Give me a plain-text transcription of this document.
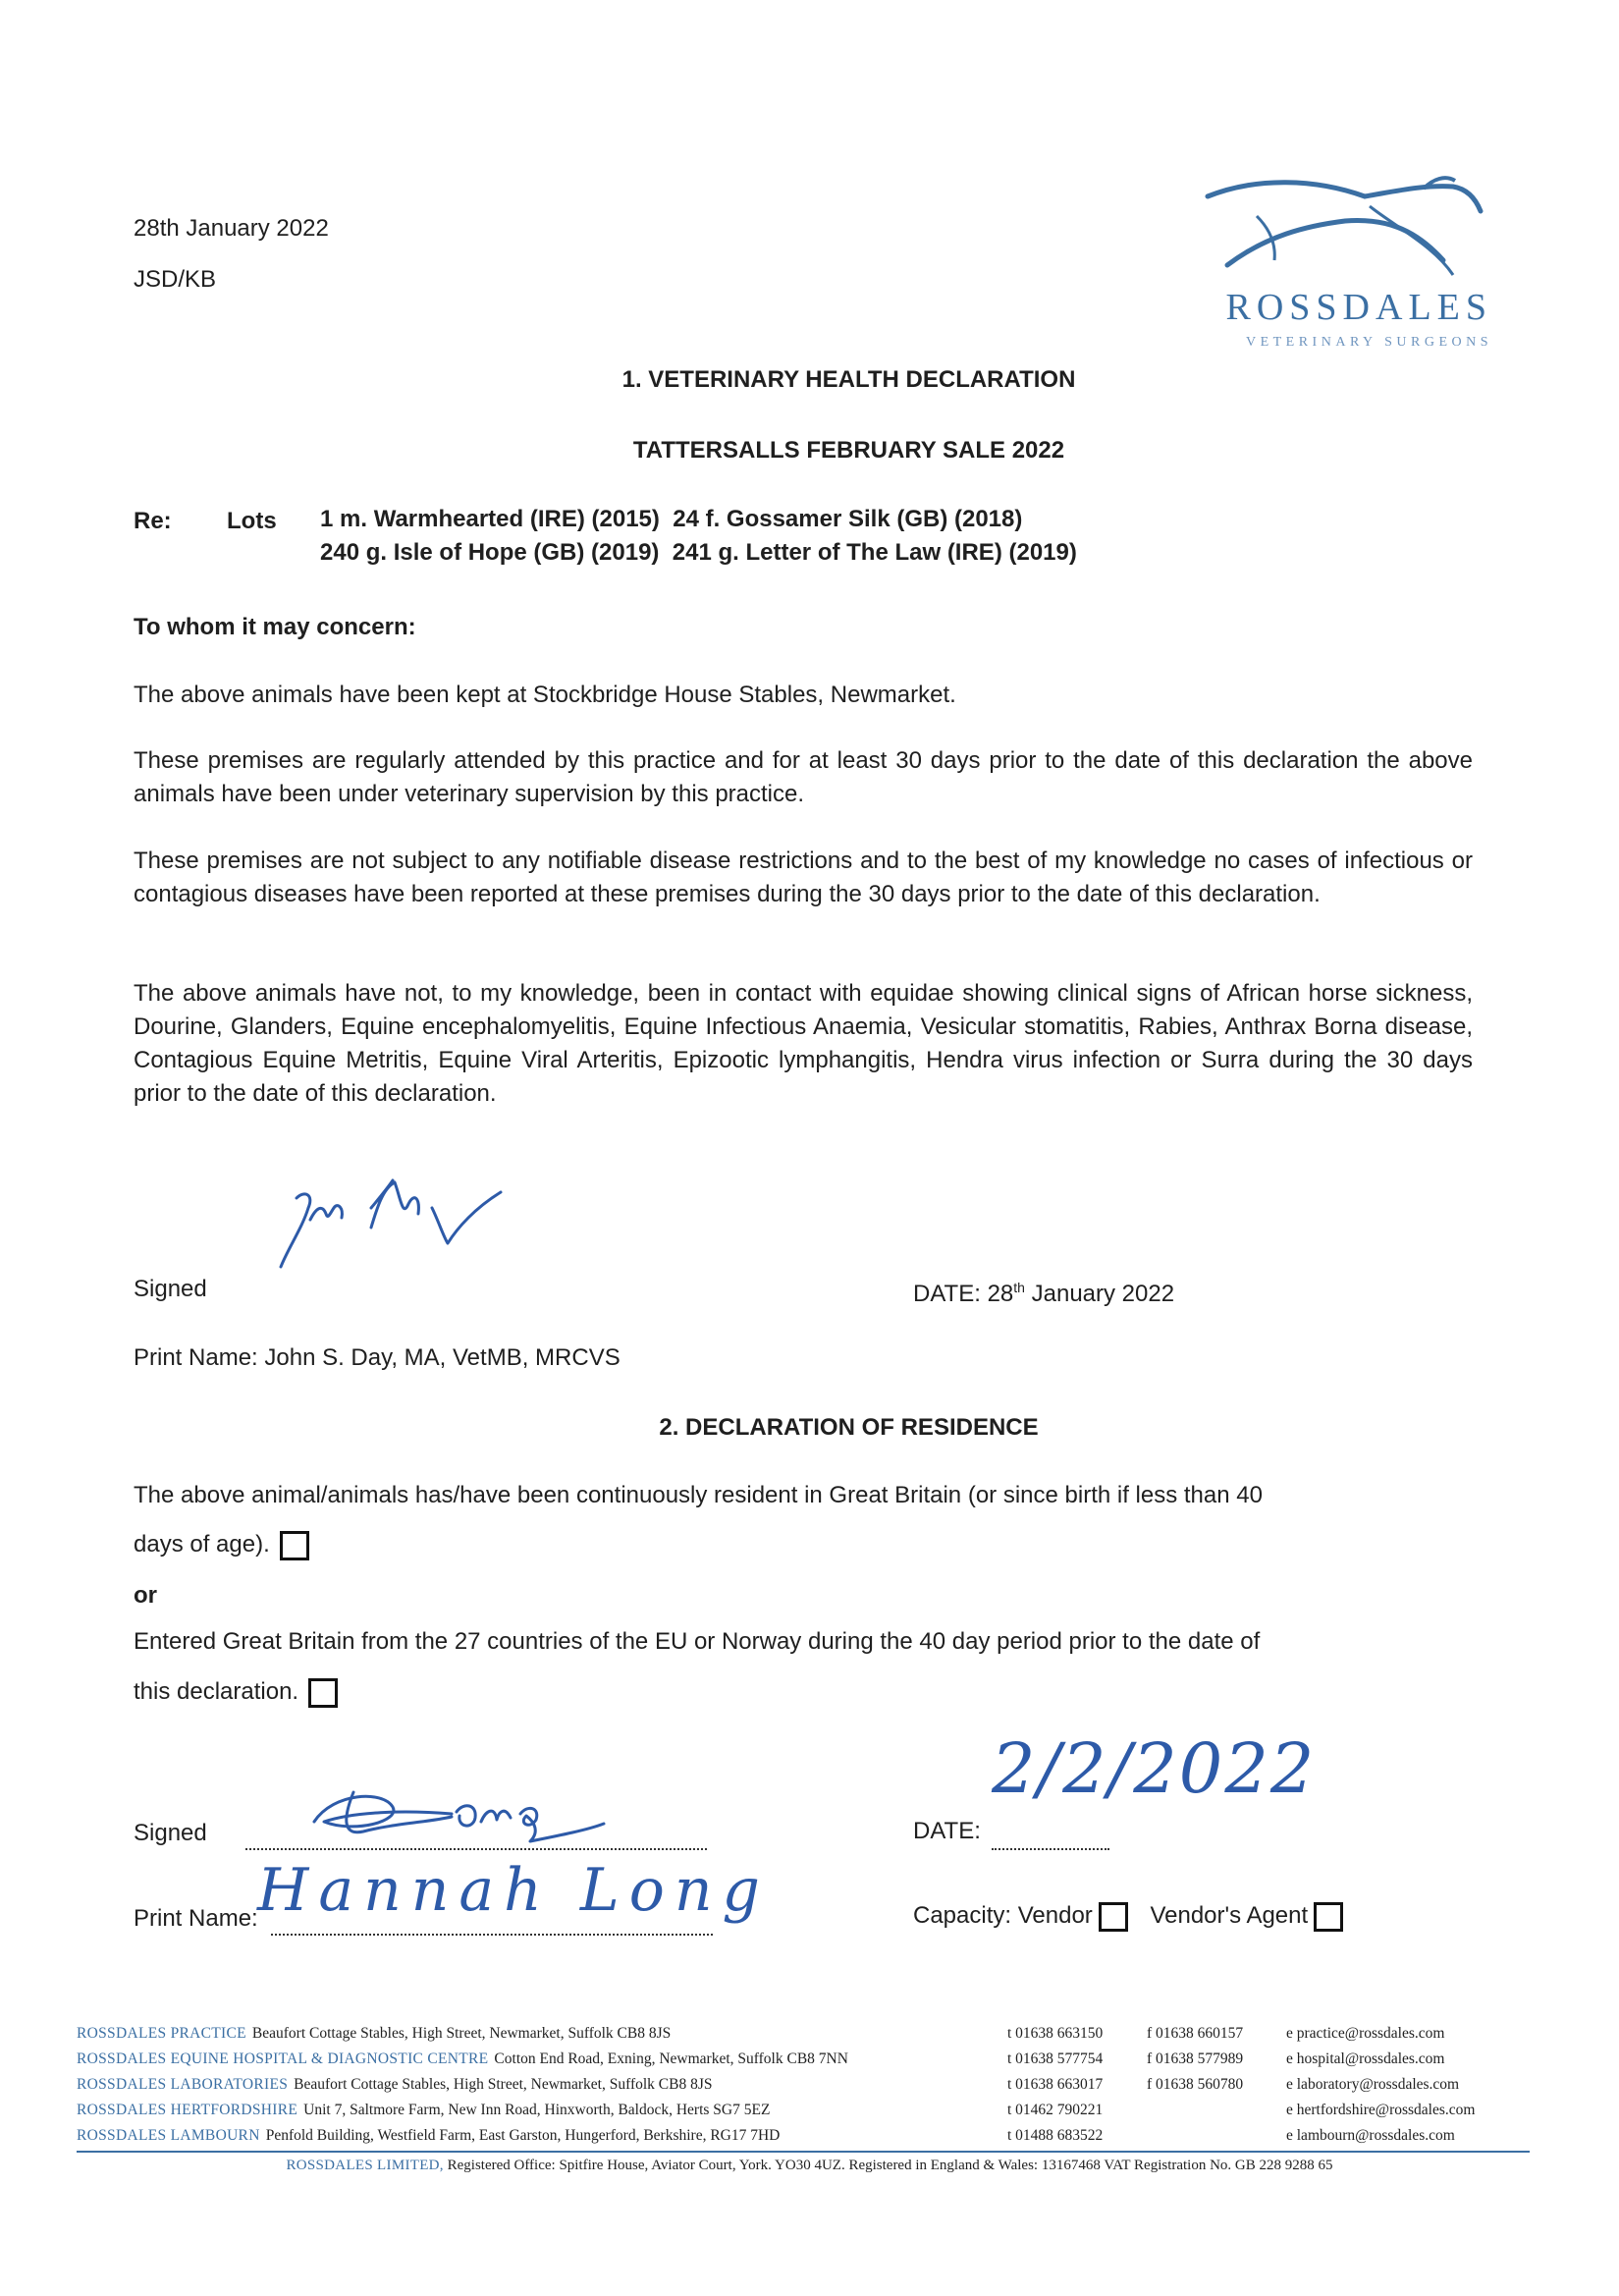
28th January 2022
JSD/KB
ROSSDALES
VETERINARY SURGEONS
1. VETERINARY HEALTH DECLARATION
TATTERSALLS FEBRUARY SALE 2022
Re: Lots 1 m. Warmhearted (IRE) (2015)  24 f. Gossamer Silk (GB) (2018)
240 g. Isle of Hope (GB) (2019)  241 g. Letter of The Law (IRE) (2019)
To whom it may concern:
The above animals have been kept at Stockbridge House Stables, Newmarket.
These premises are regularly attended by this practice and for at least 30 days prior to the date of this declaration the above animals have been under veterinary supervision by this practice.
These premises are not subject to any notifiable disease restrictions and to the best of my knowledge no cases of infectious or contagious diseases have been reported at these premises during the 30 days prior to the date of this declaration.
The above animals have not, to my knowledge, been in contact with equidae showing clinical signs of African horse sickness, Dourine, Glanders, Equine encephalomyelitis, Equine Infectious Anaemia, Vesicular stomatitis, Rabies, Anthrax Borna disease, Contagious Equine Metritis, Equine Viral Arteritis, Epizootic lymphangitis, Hendra virus infection or Surra during the 30 days prior to the date of this declaration.
Signed	DATE: 28th January 2022
Print Name: John S. Day, MA, VetMB, MRCVS
2. DECLARATION OF RESIDENCE
The above animal/animals has/have been continuously resident in Great Britain (or since birth if less than 40
days of age).
or
Entered Great Britain from the 27 countries of the EU or Norway during the 40 day period prior to the date of
this declaration.
Signed	DATE:
2/2/2022
Print Name: Hannah Long	Capacity: Vendor Vendor's Agent
ROSSDALES PRACTICE Beaufort Cottage Stables, High Street, Newmarket, Suffolk CB8 8JS	t 01638 663150	f 01638 660157	e practice@rossdales.com
ROSSDALES EQUINE HOSPITAL & DIAGNOSTIC CENTRE Cotton End Road, Exning, Newmarket, Suffolk CB8 7NN	t 01638 577754	f 01638 577989	e hospital@rossdales.com
ROSSDALES LABORATORIES Beaufort Cottage Stables, High Street, Newmarket, Suffolk CB8 8JS	t 01638 663017	f 01638 560780	e laboratory@rossdales.com
ROSSDALES HERTFORDSHIRE Unit 7, Saltmore Farm, New Inn Road, Hinxworth, Baldock, Herts SG7 5EZ	t 01462 790221	e hertfordshire@rossdales.com
ROSSDALES LAMBOURN Penfold Building, Westfield Farm, East Garston, Hungerford, Berkshire, RG17 7HD	t 01488 683522	e lambourn@rossdales.com
ROSSDALES LIMITED, Registered Office: Spitfire House, Aviator Court, York. YO30 4UZ. Registered in England & Wales: 13167468 VAT Registration No. GB 228 9288 65
